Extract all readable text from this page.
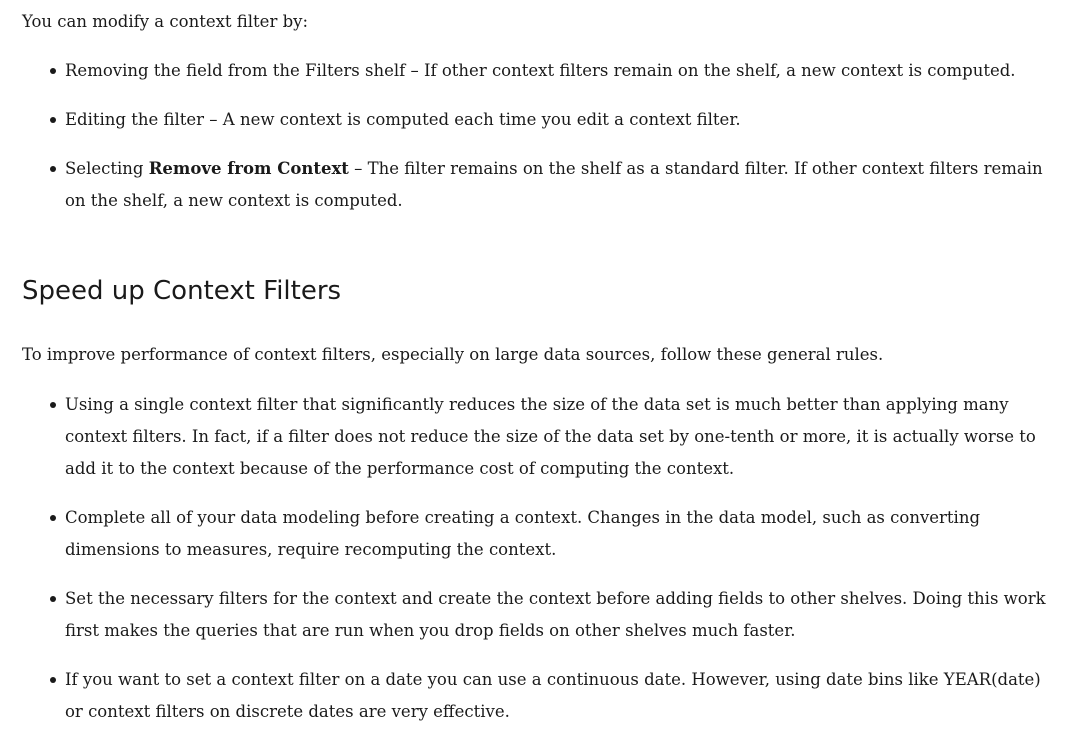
You can modify a context filter by:

Removing the field from the Filters shelf – If other context filters remain on the shelf, a new context is computed.
Editing the filter – A new context is computed each time you edit a context filter.
Selecting Remove from Context – The filter remains on the shelf as a standard filter. If other context filters remain on the shelf, a new context is computed.
Speed up Context Filters

To improve performance of context filters, especially on large data sources, follow these general rules.

Using a single context filter that significantly reduces the size of the data set is much better than applying many context filters. In fact, if a filter does not reduce the size of the data set by one-tenth or more, it is actually worse to add it to the context because of the performance cost of computing the context.
Complete all of your data modeling before creating a context. Changes in the data model, such as converting dimensions to measures, require recomputing the context.
Set the necessary filters for the context and create the context before adding fields to other shelves. Doing this work first makes the queries that are run when you drop fields on other shelves much faster.
If you want to set a context filter on a date you can use a continuous date. However, using date bins like YEAR(date) or context filters on discrete dates are very effective.
